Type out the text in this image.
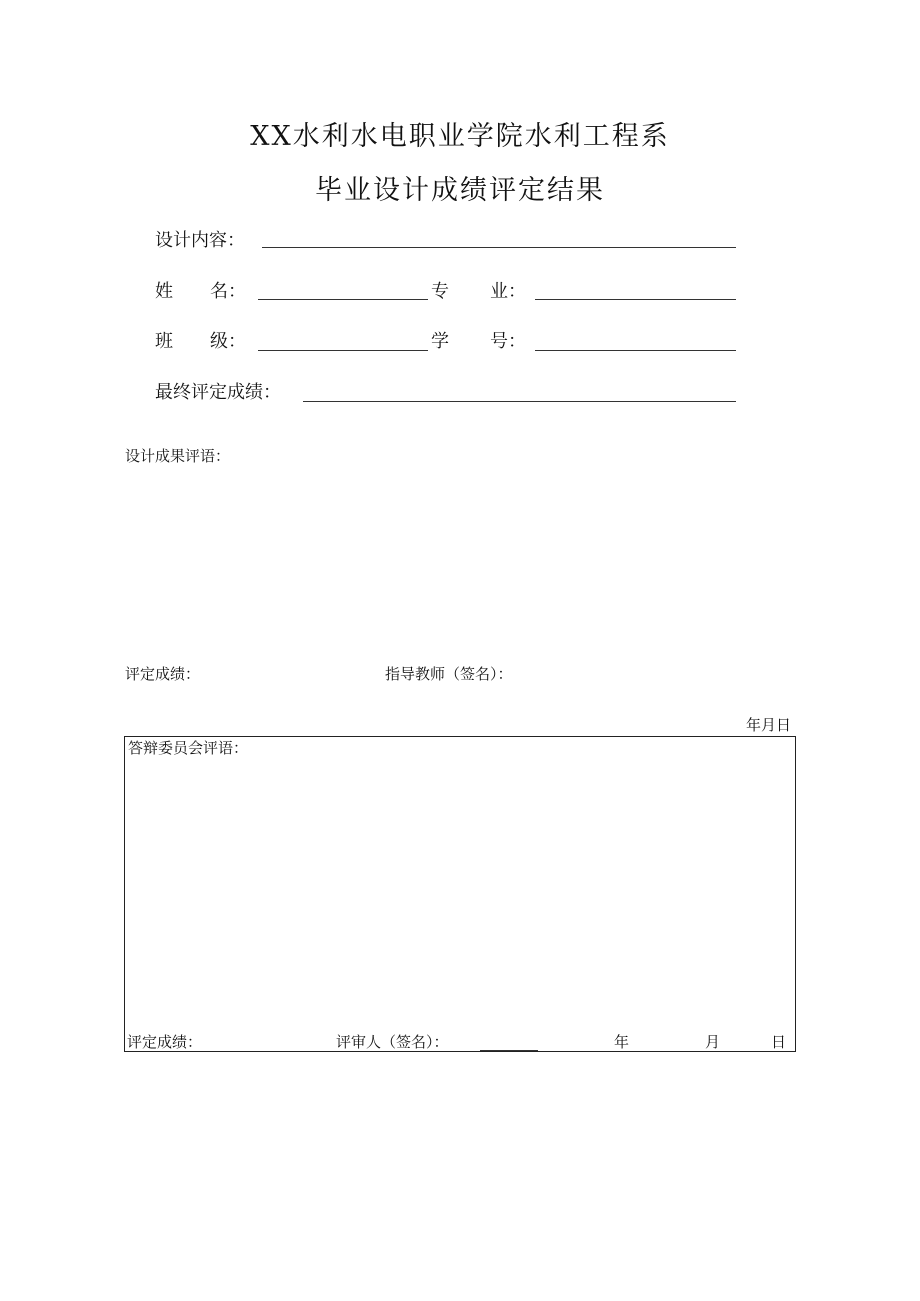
XX水利水电职业学院水利工程系
毕业设计成绩评定结果
设计内容：
姓 名：	专 业：
班 级：	学 号：
最终评定成绩：
设计成果评语：
评定成绩：	指导教师（签名）：
年月日
答辩委员会评语：
评定成绩：	评审人（签名）：	年	月	日
